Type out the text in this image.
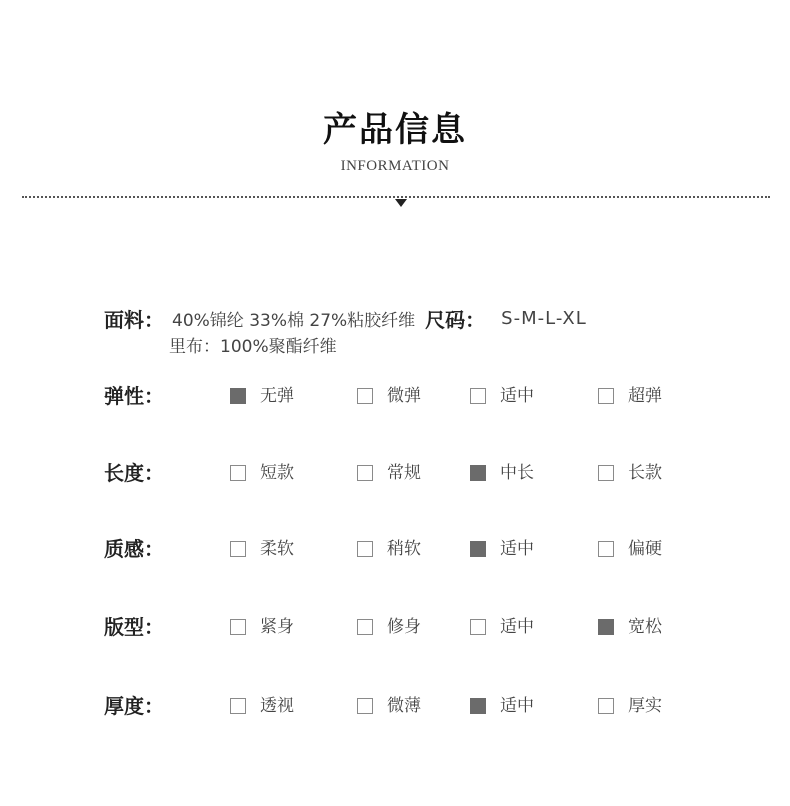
产品信息
INFORMATION
面料： 40%锦纶 33%棉 27%粘胶纤维 尺码： S-M-L-XL
里布：100%聚酯纤维
弹性：	无弹	微弹	适中	超弹
长度：	短款	常规	中长	长款
质感：	柔软	稍软	适中	偏硬
版型：	紧身	修身	适中	宽松
厚度：	透视	微薄	适中	厚实
